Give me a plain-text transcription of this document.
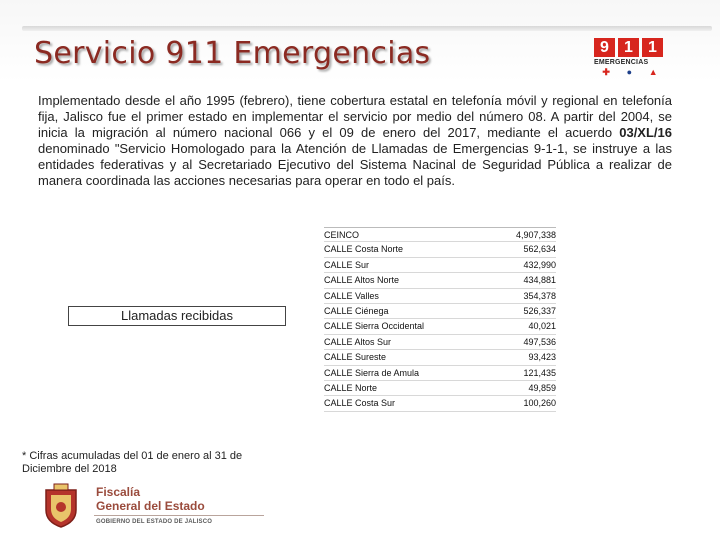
Servicio 911 Emergencias	9 1 1
EMERGENCIAS
✚ ● ▲
Implementado desde el año 1995 (febrero), tiene cobertura estatal en telefonía móvil y regional en telefonía fija, Jalisco fue el primer estado en implementar el servicio por medio del número 08. A partir del 2004, se inicia la migración al número nacional 066 y el 09 de enero del 2017, mediante el acuerdo 03/XL/16 denominado "Servicio Homologado para la Atención de Llamadas de Emergencias 9-1-1, se instruye a las entidades federativas y al Secretariado Ejecutivo del Sistema Nacinal de Seguridad Pública a realizar de manera coordinada las acciones necesarias para operar en todo el país.
Llamadas recibidas
CEINCO	4,907,338
CALLE Costa Norte	562,634
CALLE Sur	432,990
CALLE Altos Norte	434,881
CALLE Valles	354,378
CALLE Ciénega	526,337
CALLE Sierra Occidental	40,021
CALLE Altos Sur	497,536
CALLE Sureste	93,423
CALLE Sierra de Amula	121,435
CALLE Norte	49,859
CALLE Costa Sur	100,260
* Cifras acumuladas del 01 de enero al 31 de Diciembre del 2018
Fiscalía
General del Estado
GOBIERNO DEL ESTADO DE JALISCO
